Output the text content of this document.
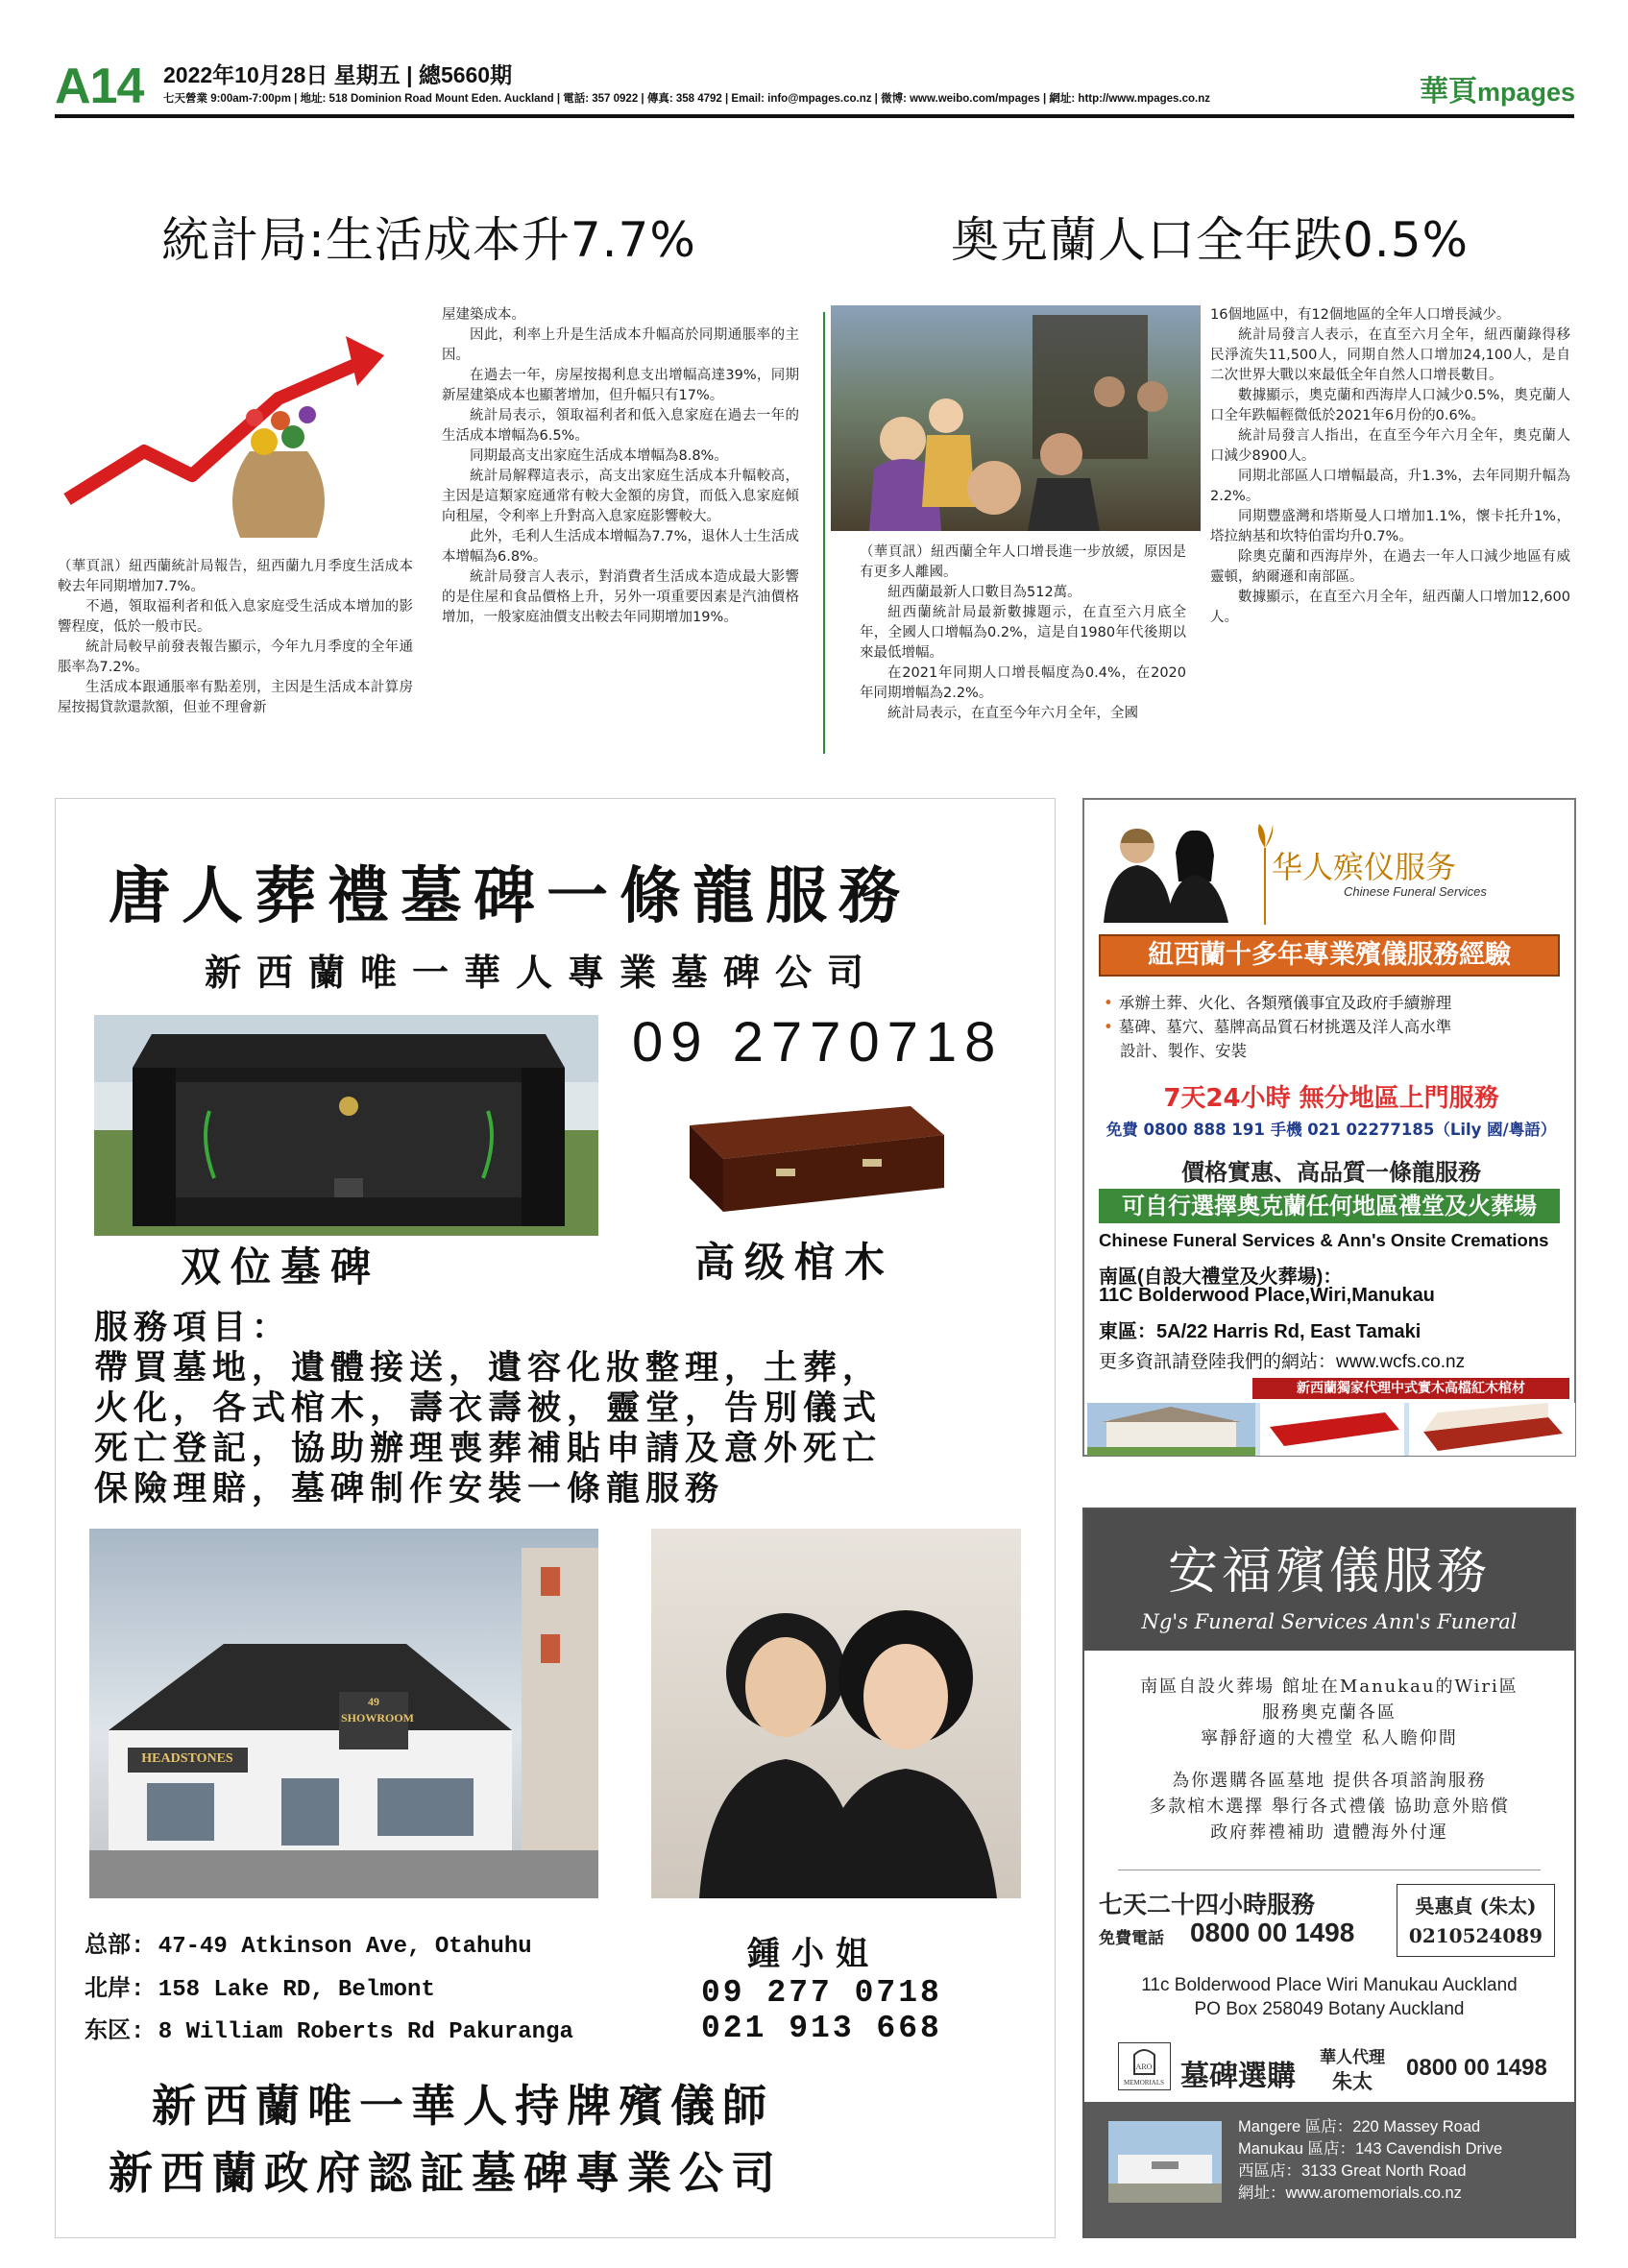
A14 2022年10月28日 星期五 | 總5660期
七天營業 9:00am-7:00pm | 地址: 518 Dominion Road Mount Eden. Auckland | 電話: 357 0922 | 傳真: 358 4792 | Email: info@mpages.co.nz | 微博: www.weibo.com/mpages | 網址: http://www.mpages.co.nz	華頁mpages
統計局:生活成本升7.7%

（華頁訊）紐西蘭統計局報告，紐西蘭九月季度生活成本較去年同期增加7.7%。

不過，領取福利者和低入息家庭受生活成本增加的影響程度，低於一般市民。

統計局較早前發表報告顯示，今年九月季度的全年通脹率為7.2%。

生活成本跟通脹率有點差別，主因是生活成本計算房屋按揭貸款還款額，但並不理會新

屋建築成本。

因此，利率上升是生活成本升幅高於同期通脹率的主因。

在過去一年，房屋按揭利息支出增幅高達39%，同期新屋建築成本也顯著增加，但升幅只有17%。

統計局表示，領取福利者和低入息家庭在過去一年的生活成本增幅為6.5%。

同期最高支出家庭生活成本增幅為8.8%。

統計局解釋這表示，高支出家庭生活成本升幅較高，主因是這類家庭通常有較大金額的房貸，而低入息家庭傾向租屋，令利率上升對高入息家庭影響較大。

此外，毛利人生活成本增幅為7.7%，退休人士生活成本增幅為6.8%。

統計局發言人表示，對消費者生活成本造成最大影響的是住屋和食品價格上升，另外一項重要因素是汽油價格增加，一般家庭油價支出較去年同期增加19%。

奧克蘭人口全年跌0.5%

（華頁訊）紐西蘭全年人口增長進一步放緩，原因是有更多人離國。

紐西蘭最新人口數目為512萬。

紐西蘭統計局最新數據題示，在直至六月底全年，全國人口增幅為0.2%，這是自1980年代後期以來最低增幅。

在2021年同期人口增長幅度為0.4%，在2020年同期增幅為2.2%。

統計局表示，在直至今年六月全年，全國

16個地區中，有12個地區的全年人口增長減少。

統計局發言人表示，在直至六月全年，紐西蘭錄得移民淨流失11,500人，同期自然人口增加24,100人，是自二次世界大戰以來最低全年自然人口增長數目。

數據顯示，奧克蘭和西海岸人口減少0.5%，奧克蘭人口全年跌幅輕微低於2021年6月份的0.6%。

統計局發言人指出，在直至今年六月全年，奧克蘭人口減少8900人。

同期北部區人口增幅最高，升1.3%，去年同期升幅為2.2%。

同期豐盛灣和塔斯曼人口增加1.1%，懷卡托升1%，塔拉納基和坎特伯雷均升0.7%。

除奧克蘭和西海岸外，在過去一年人口減少地區有威靈頓，納爾遜和南部區。

數據顯示，在直至六月全年，紐西蘭人口增加12,600人。

唐人葬禮墓碑一條龍服務
新西蘭唯一華人專業墓碑公司
09 2770718
双位墓碑	高级棺木
服務項目：
帶買墓地，遺體接送，遺容化妝整理，土葬，
火化，各式棺木，壽衣壽被，靈堂，告別儀式
死亡登記，協助辦理喪葬補貼申請及意外死亡
保險理賠，墓碑制作安裝一條龍服務
HEADSTONES
49
SHOWROOM
总部: 47-49 Atkinson Ave, Otahuhu
北岸: 158 Lake RD, Belmont
东区: 8 William Roberts Rd Pakuranga
鍾小姐
09 277 0718
021 913 668
新西蘭唯一華人持牌殯儀師
新西蘭政府認証墓碑專業公司
华人殡仪服务
Chinese Funeral Services
紐西蘭十多年專業殯儀服務經驗
• 承辦土葬、火化、各類殯儀事宜及政府手續辦理
• 墓碑、墓穴、墓牌高品質石材挑選及洋人高水準
設計、製作、安裝
7天24小時 無分地區上門服務
免費 0800 888 191 手機 021 02277185（Lily 國/粵語）
價格實惠、高品質一條龍服務
可自行選擇奧克蘭任何地區禮堂及火葬場
Chinese Funeral Services & Ann's Onsite Cremations
南區(自設大禮堂及火葬場)：
11C Bolderwood Place,Wiri,Manukau
東區：5A/22 Harris Rd, East Tamaki
更多資訊請登陸我們的網站：www.wcfs.co.nz
新西蘭獨家代理中式實木高檔紅木棺材
安福殯儀服務
Ng's Funeral Services Ann's Funeral
南區自設火葬場 館址在Manukau的Wiri區
服務奧克蘭各區
寧靜舒適的大禮堂 私人瞻仰間
為你選購各區墓地 提供各項諮詢服務
多款棺木選擇 舉行各式禮儀 協助意外賠償
政府葬禮補助 遺體海外付運
七天二十四小時服務
免費電話 0800 00 1498
吳惠貞 (朱太)
0210524089
11c Bolderwood Place Wiri Manukau Auckland
PO Box 258049 Botany Auckland
ARO
MEMORIALS 墓碑選購
華人代理
朱太
0800 00 1498
Mangere 區店：220 Massey Road
Manukau 區店：143 Cavendish Drive
西區店：3133 Great North Road
網址：www.aromemorials.co.nz
